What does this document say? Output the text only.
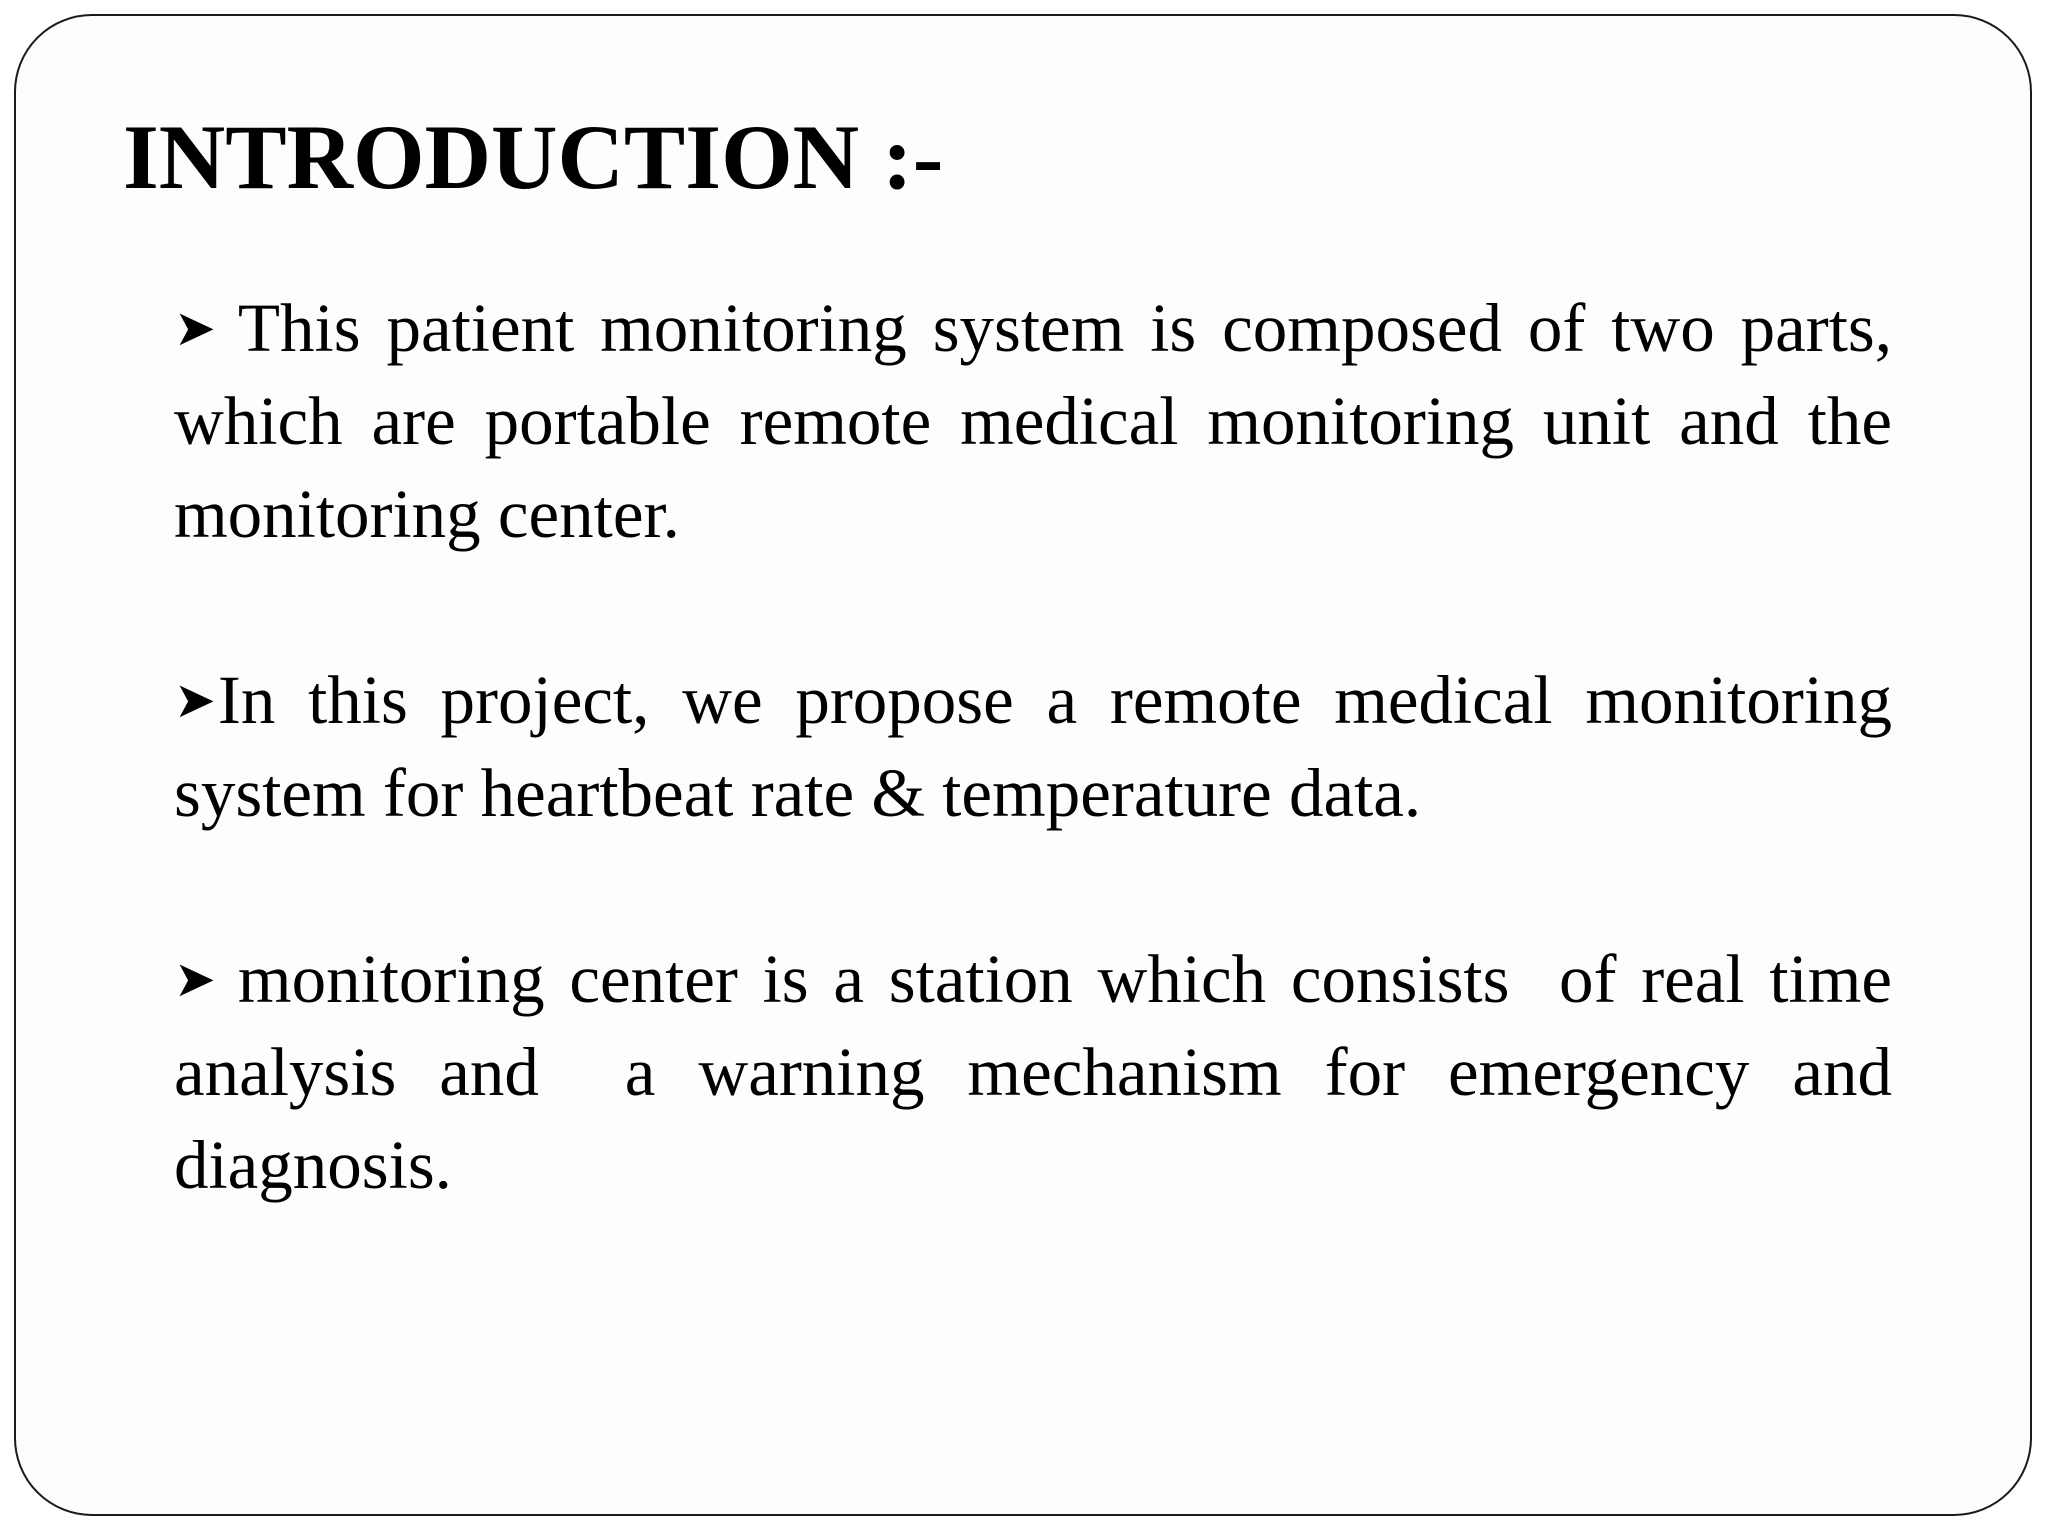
INTRODUCTION :-
➤ This patient monitoring system is composed of two parts, which are portable remote medical monitoring unit and the monitoring center.
➤In this project, we propose a remote medical monitoring system for heartbeat rate & temperature data.
➤ monitoring center is a station which consists  of real time analysis and  a warning mechanism for emergency and diagnosis.
